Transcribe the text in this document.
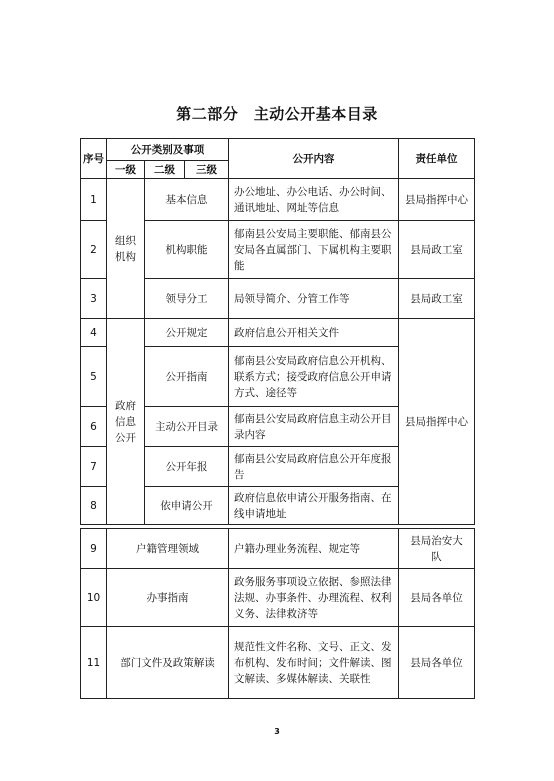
第二部分　主动公开基本目录
序号	公开类别及事项			公开内容	责任单位
	一级	二级	三级		
1	组织机构	基本信息		办公地址、办公电话、办公时间、通讯地址、网址等信息	县局指挥中心
2		机构职能		郁南县公安局主要职能、郁南县公安局各直属部门、下属机构主要职能	县局政工室
3		领导分工		局领导简介、分管工作等	县局政工室
4	政府信息公开	公开规定		政府信息公开相关文件	县局指挥中心
5		公开指南		郁南县公安局政府信息公开机构、联系方式；接受政府信息公开申请方式、途径等	
6		主动公开目录		郁南县公安局政府信息主动公开目录内容	
7		公开年报		郁南县公安局政府信息公开年度报告	
8		依申请公开		政府信息依申请公开服务指南、在线申请地址	
9	户籍管理领域	户籍办理业务流程、规定等	县局治安大队
10	办事指南	政务服务事项设立依据、参照法律法规、办事条件、办理流程、权利义务、法律救济等	县局各单位
11	部门文件及政策解读	规范性文件名称、文号、正文、发布机构、发布时间；文件解读、图文解读、多媒体解读、关联性	县局各单位
3
